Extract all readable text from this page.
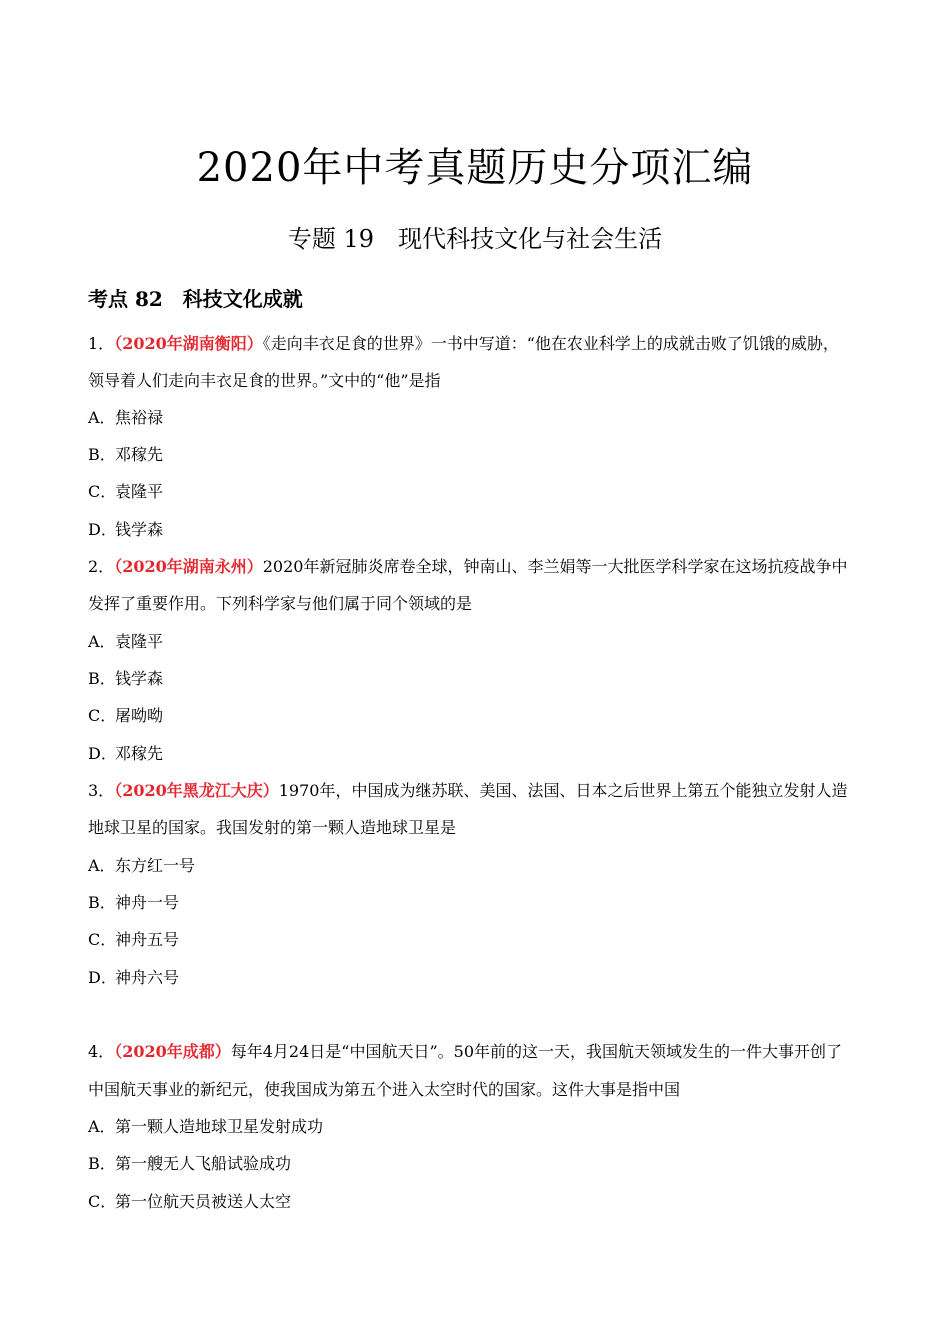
2020年中考真题历史分项汇编
专题 19 现代科技文化与社会生活
考点 82 科技文化成就
1．（2020年湖南衡阳）《走向丰衣足食的世界》一书中写道：“他在农业科学上的成就击败了饥饿的威胁，
领导着人们走向丰衣足食的世界。”文中的“他”是指
A．焦裕禄
B．邓稼先
C．袁隆平
D．钱学森
2．（2020年湖南永州）2020年新冠肺炎席卷全球，钟南山、李兰娟等一大批医学科学家在这场抗疫战争中
发挥了重要作用。下列科学家与他们属于同个领域的是
A．袁隆平
B．钱学森
C．屠呦呦
D．邓稼先
3．（2020年黑龙江大庆）1970年，中国成为继苏联、美国、法国、日本之后世界上第五个能独立发射人造
地球卫星的国家。我国发射的第一颗人造地球卫星是
A．东方红一号
B．神舟一号
C．神舟五号
D．神舟六号
4．（2020年成都）每年4月24日是“中国航天日”。50年前的这一天，我国航天领域发生的一件大事开创了
中国航天事业的新纪元，使我国成为第五个进入太空时代的国家。这件大事是指中国
A．第一颗人造地球卫星发射成功
B．第一艘无人飞船试验成功
C．第一位航天员被送人太空
